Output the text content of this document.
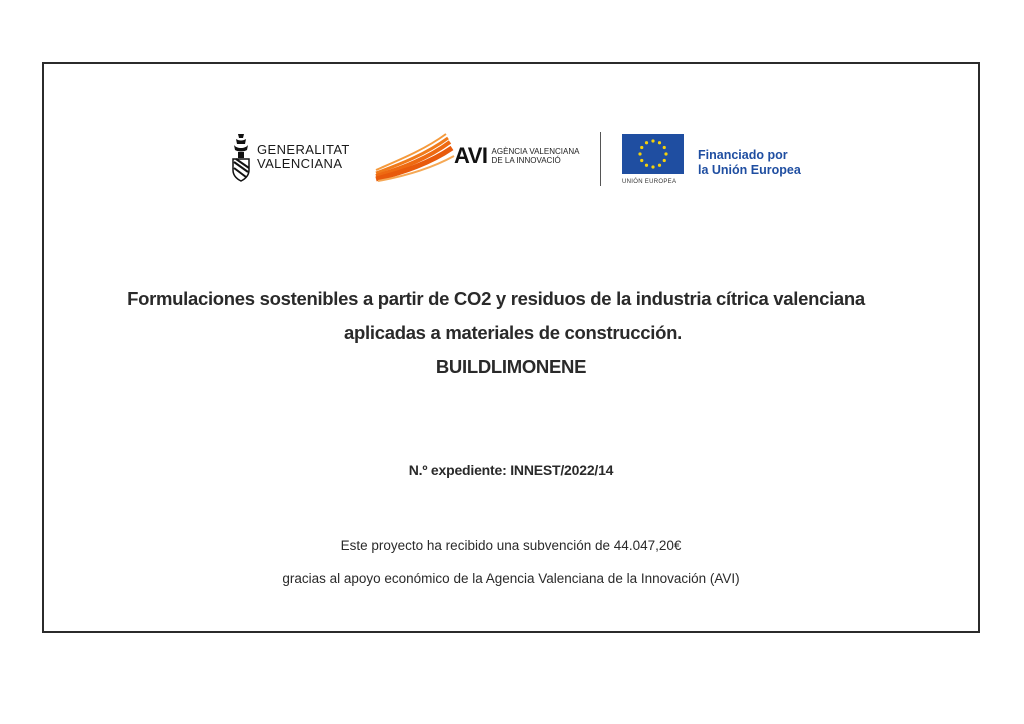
GENERALITAT
VALENCIANA	AVI AGÈNCIA VALENCIANA
DE LA INNOVACIÓ
UNIÓN EUROPEA
Financiado por
la Unión Europea
Formulaciones sostenibles a partir de CO2 y residuos de la industria cítrica valenciana
aplicadas a materiales de construcción.
BUILDLIMONENE
N.º expediente: INNEST/2022/14
Este proyecto ha recibido una subvención de 44.047,20€
gracias al apoyo económico de la Agencia Valenciana de la Innovación (AVI)
